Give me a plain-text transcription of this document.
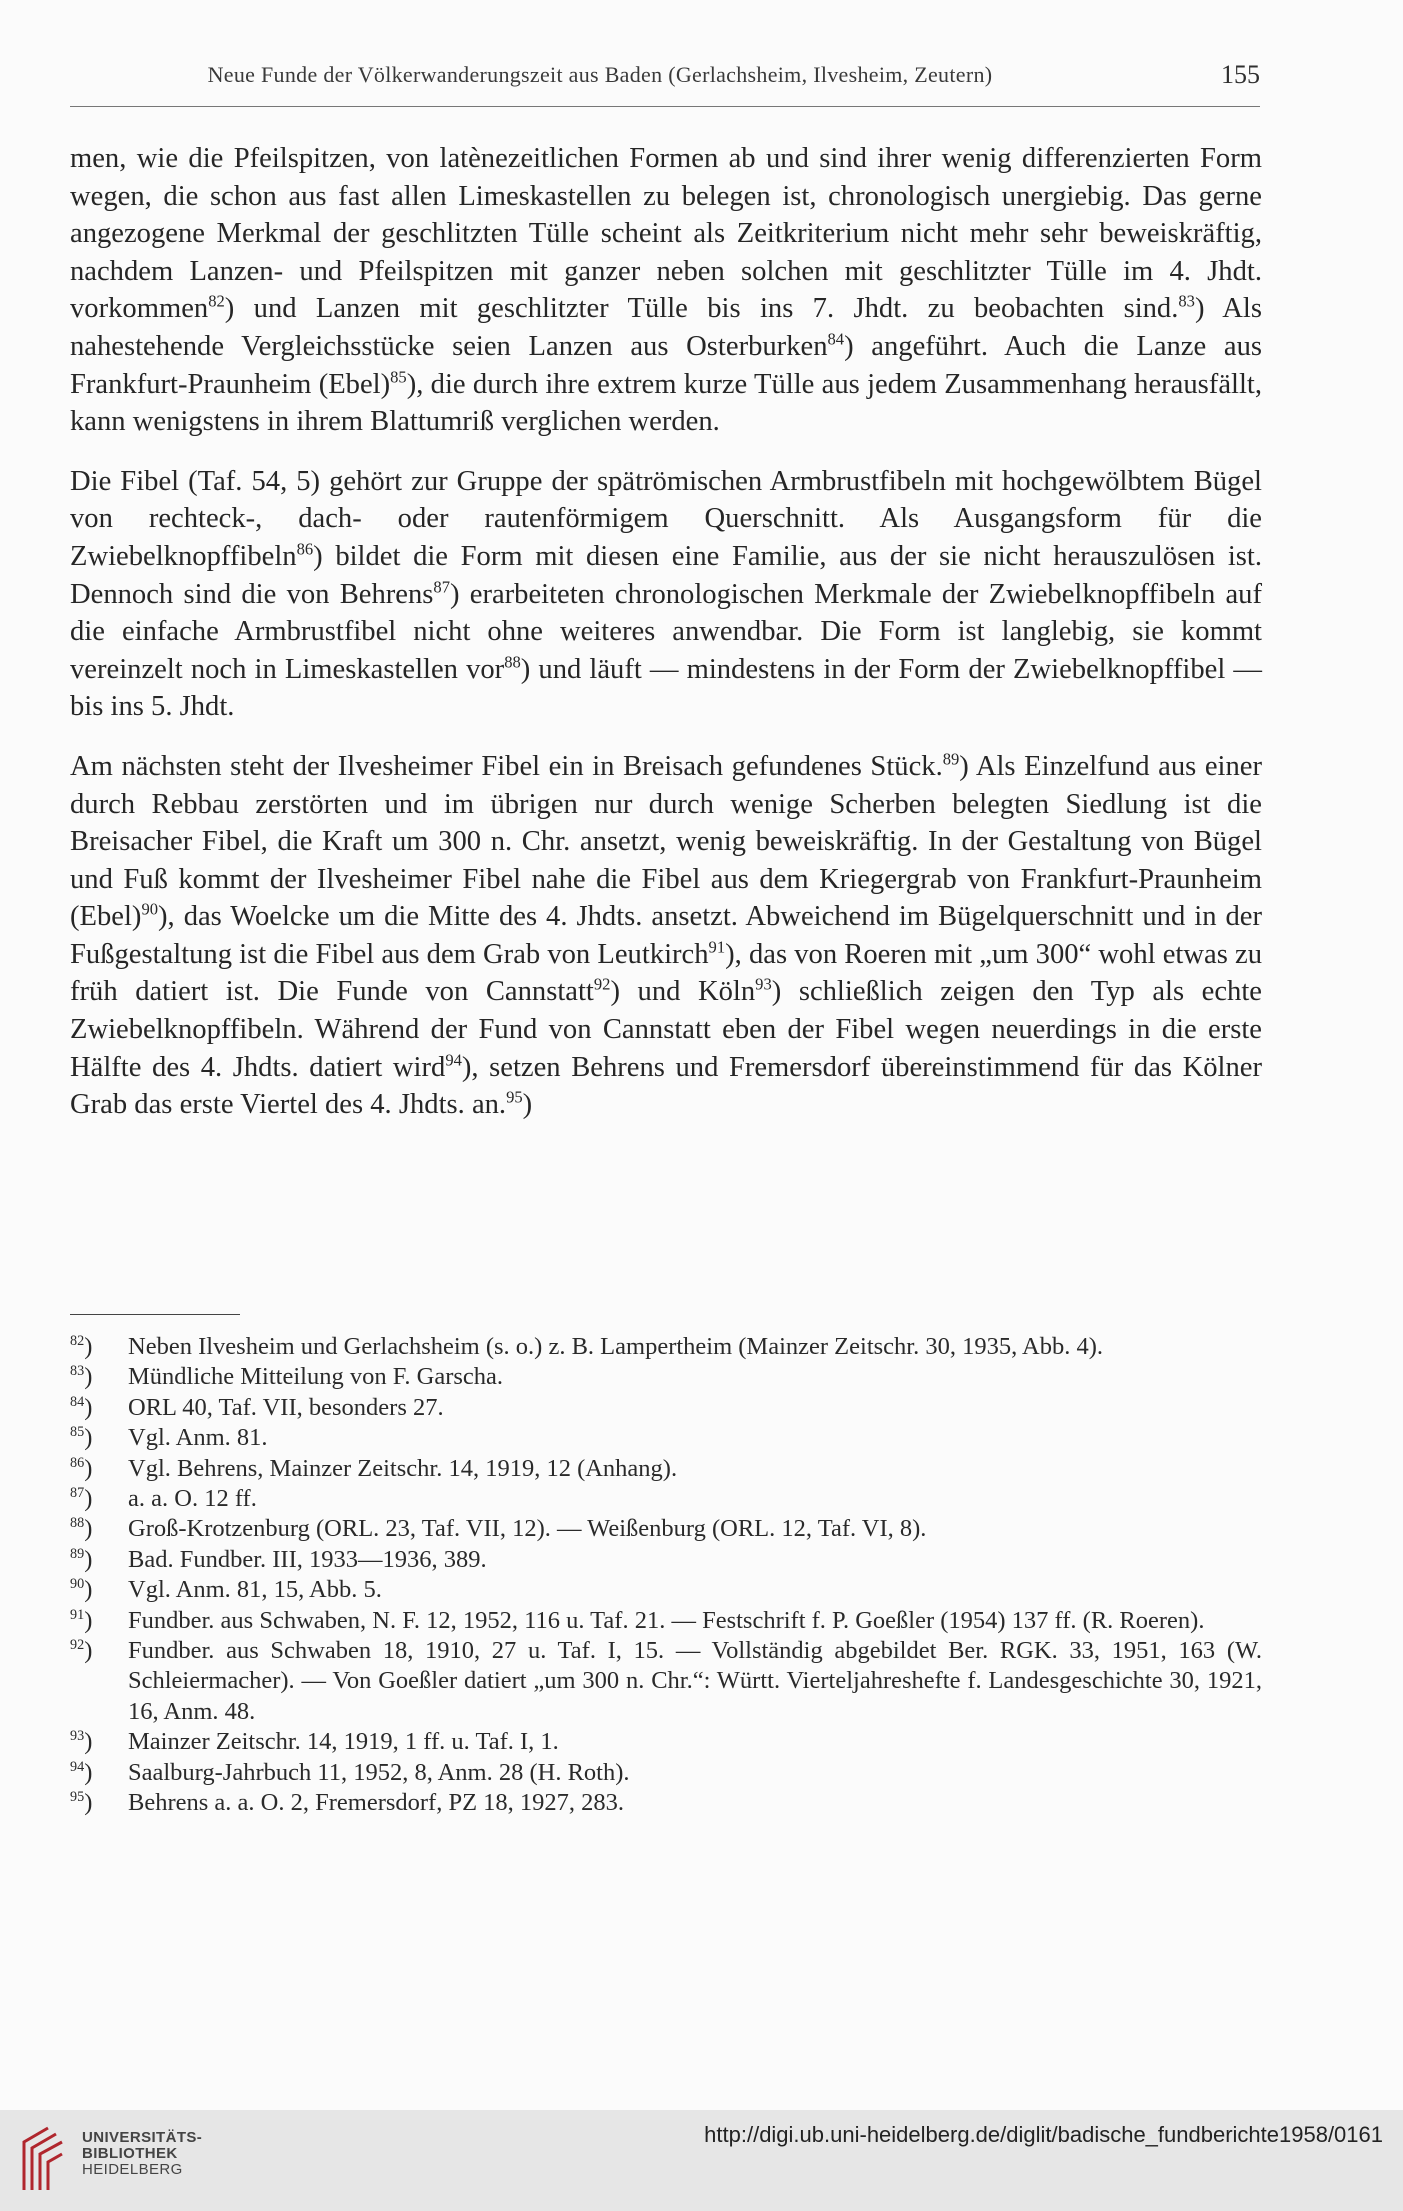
Neue Funde der Völkerwanderungszeit aus Baden (Gerlachsheim, Ilvesheim, Zeutern)	155

men, wie die Pfeilspitzen, von latènezeitlichen Formen ab und sind ihrer wenig differenzierten Form wegen, die schon aus fast allen Limeskastellen zu belegen ist, chronologisch unergiebig. Das gerne angezogene Merkmal der geschlitzten Tülle scheint als Zeitkriterium nicht mehr sehr beweiskräftig, nachdem Lanzen- und Pfeilspitzen mit ganzer neben solchen mit geschlitzter Tülle im 4. Jhdt. vorkommen$^{82}$) und Lanzen mit geschlitzter Tülle bis ins 7. Jhdt. zu beobachten sind.$^{83}$) Als nahestehende Vergleichsstücke seien Lanzen aus Osterburken$^{84}$) angeführt. Auch die Lanze aus Frankfurt-Praunheim (Ebel)$^{85}$), die durch ihre extrem kurze Tülle aus jedem Zusammenhang herausfällt, kann wenigstens in ihrem Blattumriß verglichen werden.

Die Fibel (Taf. 54, 5) gehört zur Gruppe der spätrömischen Armbrustfibeln mit hochgewölbtem Bügel von rechteck-, dach- oder rautenförmigem Querschnitt. Als Ausgangsform für die Zwiebelknopffibeln$^{86}$) bildet die Form mit diesen eine Familie, aus der sie nicht herauszulösen ist. Dennoch sind die von Behrens$^{87}$) erarbeiteten chronologischen Merkmale der Zwiebelknopffibeln auf die einfache Armbrustfibel nicht ohne weiteres anwendbar. Die Form ist langlebig, sie kommt vereinzelt noch in Limeskastellen vor$^{88}$) und läuft — mindestens in der Form der Zwiebelknopffibel — bis ins 5. Jhdt.

Am nächsten steht der Ilvesheimer Fibel ein in Breisach gefundenes Stück.$^{89}$) Als Einzelfund aus einer durch Rebbau zerstörten und im übrigen nur durch wenige Scherben belegten Siedlung ist die Breisacher Fibel, die Kraft um 300 n. Chr. ansetzt, wenig beweiskräftig. In der Gestaltung von Bügel und Fuß kommt der Ilvesheimer Fibel nahe die Fibel aus dem Kriegergrab von Frankfurt-Praunheim (Ebel)$^{90}$), das Woelcke um die Mitte des 4. Jhdts. ansetzt. Abweichend im Bügelquerschnitt und in der Fußgestaltung ist die Fibel aus dem Grab von Leutkirch$^{91}$), das von Roeren mit „um 300“ wohl etwas zu früh datiert ist. Die Funde von Cannstatt$^{92}$) und Köln$^{93}$) schließlich zeigen den Typ als echte Zwiebelknopffibeln. Während der Fund von Cannstatt eben der Fibel wegen neuerdings in die erste Hälfte des 4. Jhdts. datiert wird$^{94}$), setzen Behrens und Fremersdorf übereinstimmend für das Kölner Grab das erste Viertel des 4. Jhdts. an.$^{95}$)

$^{82}$)	Neben Ilvesheim und Gerlachsheim (s. o.) z. B. Lampertheim (Mainzer Zeitschr. 30, 1935, Abb. 4).
$^{83}$)	Mündliche Mitteilung von F. Garscha.
$^{84}$)	ORL 40, Taf. VII, besonders 27.
$^{85}$)	Vgl. Anm. 81.
$^{86}$)	Vgl. Behrens, Mainzer Zeitschr. 14, 1919, 12 (Anhang).
$^{87}$)	a. a. O. 12 ff.
$^{88}$)	Groß-Krotzenburg (ORL. 23, Taf. VII, 12). — Weißenburg (ORL. 12, Taf. VI, 8).
$^{89}$)	Bad. Fundber. III, 1933—1936, 389.
$^{90}$)	Vgl. Anm. 81, 15, Abb. 5.
$^{91}$)	Fundber. aus Schwaben, N. F. 12, 1952, 116 u. Taf. 21. — Festschrift f. P. Goeßler (1954) 137 ff. (R. Roeren).
$^{92}$)	Fundber. aus Schwaben 18, 1910, 27 u. Taf. I, 15. — Vollständig abgebildet Ber. RGK. 33, 1951, 163 (W. Schleiermacher). — Von Goeßler datiert „um 300 n. Chr.“: Württ. Vierteljahreshefte f. Landesgeschichte 30, 1921, 16, Anm. 48.
$^{93}$)	Mainzer Zeitschr. 14, 1919, 1 ff. u. Taf. I, 1.
$^{94}$)	Saalburg-Jahrbuch 11, 1952, 8, Anm. 28 (H. Roth).
$^{95}$)	Behrens a. a. O. 2, Fremersdorf, PZ 18, 1927, 283.
UNIVERSITÄTS-
BIBLIOTHEK
HEIDELBERG
http://digi.ub.uni-heidelberg.de/diglit/badische_fundberichte1958/0161
